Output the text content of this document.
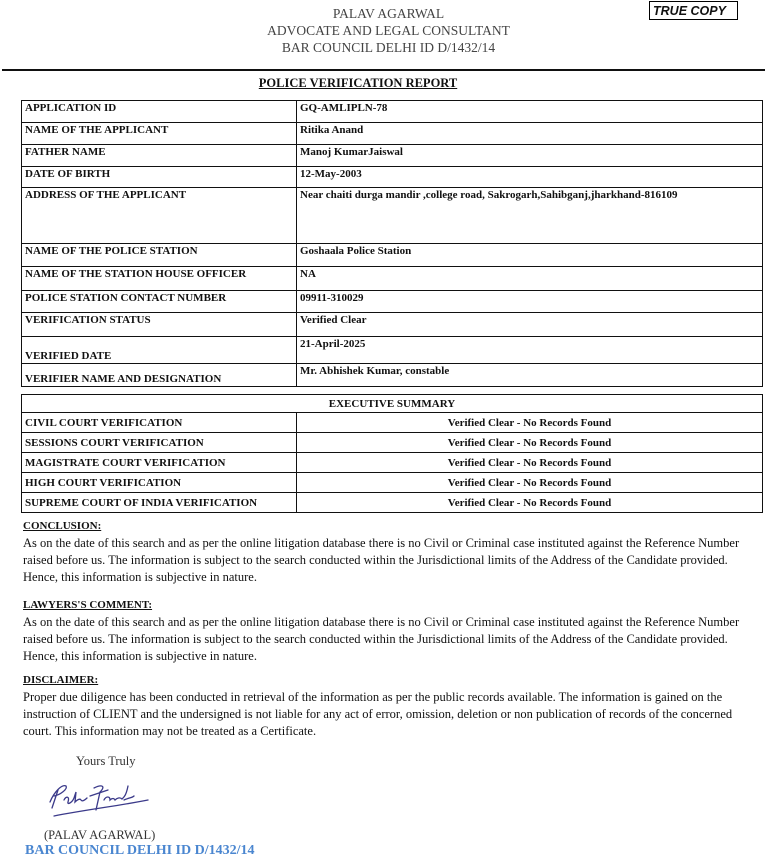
PALAV AGARWAL
ADVOCATE AND LEGAL CONSULTANT
BAR COUNCIL DELHI ID D/1432/14
TRUE COPY
POLICE VERIFICATION REPORT
APPLICATION ID	GQ-AMLIPLN-78
NAME OF THE APPLICANT	Ritika Anand
FATHER NAME	Manoj KumarJaiswal
DATE OF BIRTH	12-May-2003
ADDRESS OF THE APPLICANT	Near chaiti durga mandir ,college road, Sakrogarh,Sahibganj,jharkhand-816109
NAME OF THE POLICE STATION	Goshaala Police Station
NAME OF THE STATION HOUSE OFFICER	NA
POLICE STATION CONTACT NUMBER	09911-310029
VERIFICATION STATUS	Verified Clear
VERIFIED DATE	21-April-2025
VERIFIER NAME AND DESIGNATION	Mr. Abhishek Kumar, constable
EXECUTIVE SUMMARY	
CIVIL COURT VERIFICATION	Verified Clear - No Records Found
SESSIONS COURT VERIFICATION	Verified Clear - No Records Found
MAGISTRATE COURT VERIFICATION	Verified Clear - No Records Found
HIGH COURT VERIFICATION	Verified Clear - No Records Found
SUPREME COURT OF INDIA VERIFICATION	Verified Clear - No Records Found
CONCLUSION:
As on the date of this search and as per the online litigation database there is no Civil or Criminal case instituted against the Reference Number raised before us. The information is subject to the search conducted within the Jurisdictional limits of the Address of the Candidate provided. Hence, this information is subjective in nature.
LAWYERS'S COMMENT:
As on the date of this search and as per the online litigation database there is no Civil or Criminal case instituted against the Reference Number raised before us. The information is subject to the search conducted within the Jurisdictional limits of the Address of the Candidate provided. Hence, this information is subjective in nature.
DISCLAIMER:
Proper due diligence has been conducted in retrieval of the information as per the public records available. The information is gained on the instruction of CLIENT and the undersigned is not liable for any act of error, omission, deletion or non publication of records of the concerned court. This information may not be treated as a Certificate.
Yours Truly
(PALAV AGARWAL)
BAR COUNCIL DELHI ID D/1432/14
